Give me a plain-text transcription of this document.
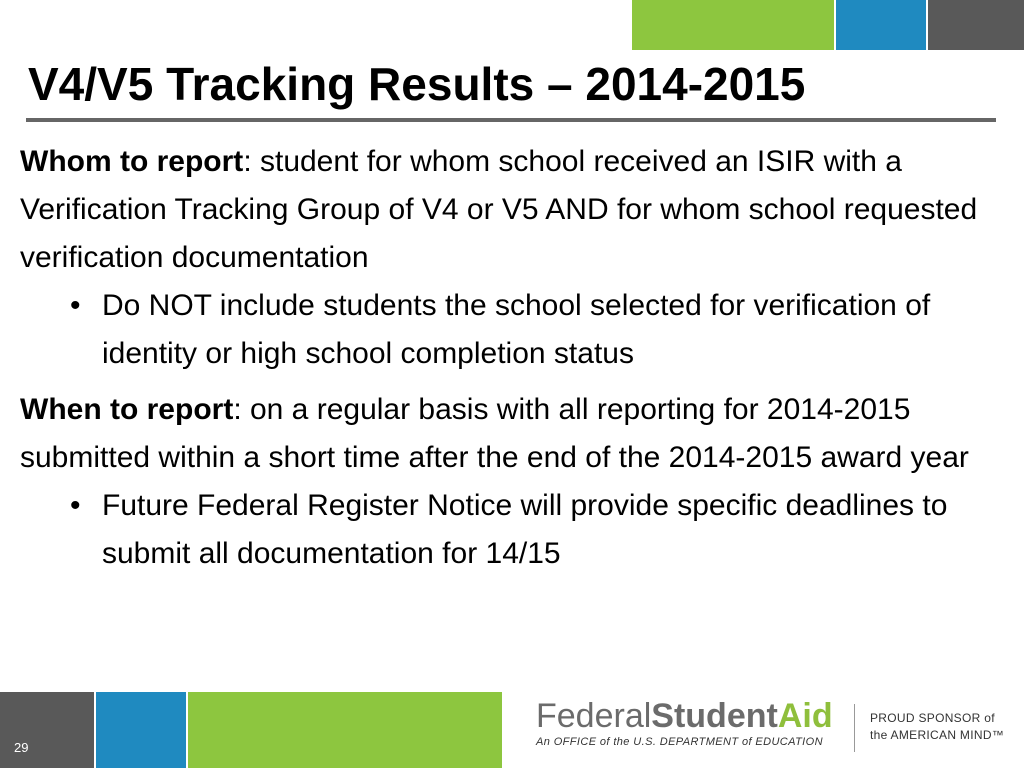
V4/V5 Tracking Results – 2014-2015

Whom to report: student for whom school received an ISIR with a Verification Tracking Group of V4 or V5 AND for whom school requested verification documentation

• Do NOT include students the school selected for verification of identity or high school completion status

When to report: on a regular basis with all reporting for 2014-2015 submitted within a short time after the end of the 2014-2015 award year

• Future Federal Register Notice will provide specific deadlines to submit all documentation for 14/15

29
FederalStudentAid
An OFFICE of the U.S. DEPARTMENT of EDUCATION
PROUD SPONSOR of
the AMERICAN MIND™
